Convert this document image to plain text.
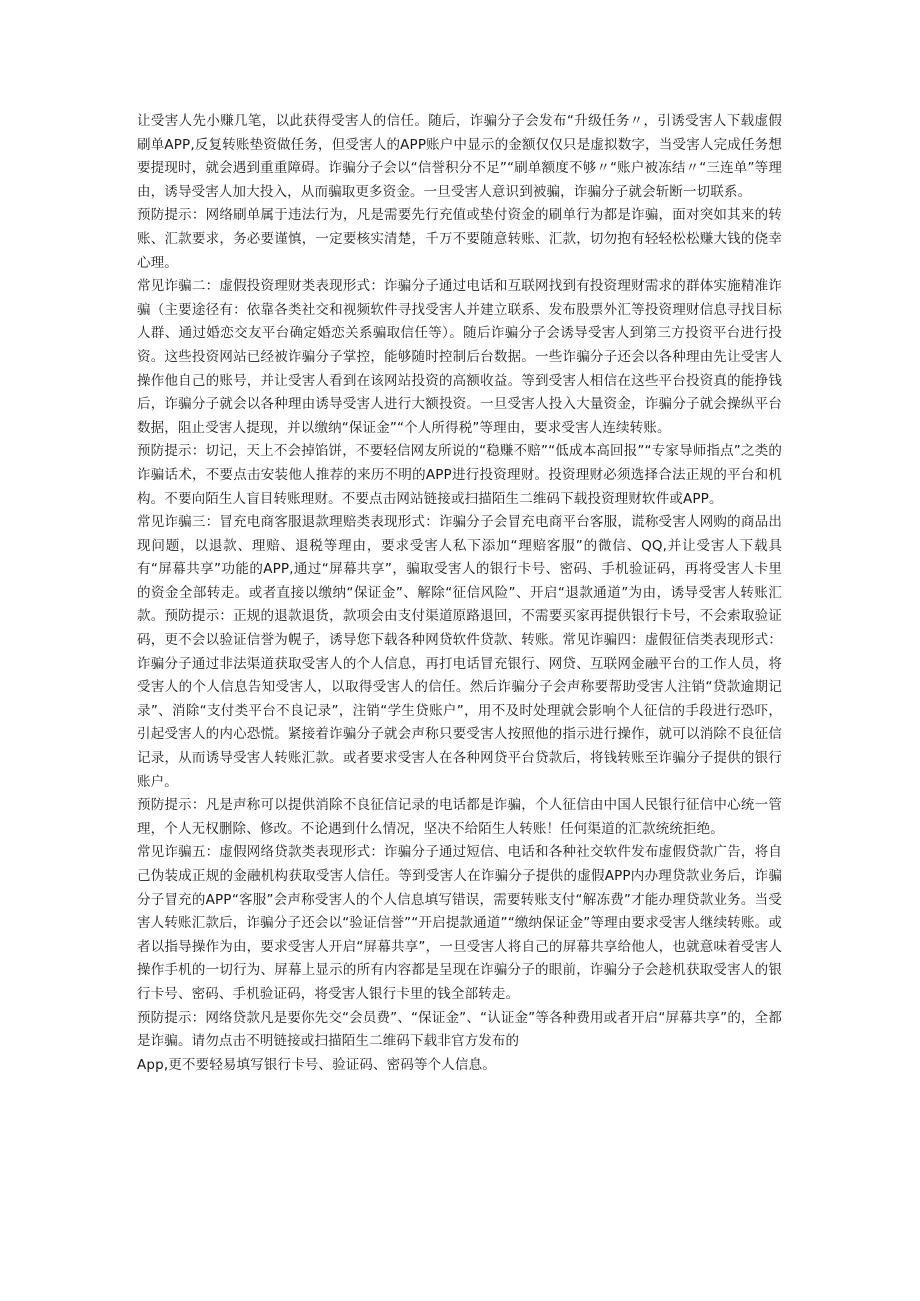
让受害人先小赚几笔，以此获得受害人的信任。随后，诈骗分子会发布“升级任务〃，引诱受害人下载虚假刷单APP,反复转账垫资做任务，但受害人的APP账户中显示的金额仅仅只是虚拟数字，当受害人完成任务想要提现时，就会遇到重重障碍。诈骗分子会以“信誉积分不足”“刷单额度不够〃“账户被冻结〃“三连单”等理由，诱导受害人加大投入，从而骗取更多资金。一旦受害人意识到被骗，诈骗分子就会斩断一切联系。

预防提示：网络刷单属于违法行为，凡是需要先行充值或垫付资金的刷单行为都是诈骗，面对突如其来的转账、汇款要求，务必要谨慎，一定要核实清楚，千万不要随意转账、汇款，切勿抱有轻轻松松赚大钱的侥幸心理。

常见诈骗二：虚假投资理财类表现形式：诈骗分子通过电话和互联网找到有投资理财需求的群体实施精准诈骗（主要途径有：依靠各类社交和视频软件寻找受害人并建立联系、发布股票外汇等投资理财信息寻找目标人群、通过婚恋交友平台确定婚恋关系骗取信任等）。随后诈骗分子会诱导受害人到第三方投资平台进行投资。这些投资网站已经被诈骗分子掌控，能够随时控制后台数据。一些诈骗分子还会以各种理由先让受害人操作他自己的账号，并让受害人看到在该网站投资的高额收益。等到受害人相信在这些平台投资真的能挣钱后，诈骗分子就会以各种理由诱导受害人进行大额投资。一旦受害人投入大量资金，诈骗分子就会操纵平台数据，阻止受害人提现，并以缴纳“保证金”“个人所得税”等理由，要求受害人连续转账。

预防提示：切记，天上不会掉馅饼，不要轻信网友所说的“稳赚不赔”“低成本高回报”“专家导师指点”之类的诈骗话术，不要点击安装他人推荐的来历不明的APP进行投资理财。投资理财必须选择合法正规的平台和机构。不要向陌生人盲目转账理财。不要点击网站链接或扫描陌生二维码下载投资理财软件或APP。

常见诈骗三：冒充电商客服退款理赔类表现形式：诈骗分子会冒充电商平台客服，谎称受害人网购的商品出现问题，以退款、理赔、退税等理由，要求受害人私下添加“理赔客服”的微信、QQ,并让受害人下载具有“屏幕共享”功能的APP,通过“屏幕共享”，骗取受害人的银行卡号、密码、手机验证码，再将受害人卡里的资金全部转走。或者直接以缴纳“保证金”、解除“征信风险”、开启“退款通道”为由，诱导受害人转账汇款。预防提示：正规的退款退货，款项会由支付渠道原路退回，不需要买家再提供银行卡号，不会索取验证码，更不会以验证信誉为幌子，诱导您下载各种网贷软件贷款、转账。常见诈骗四：虚假征信类表现形式：诈骗分子通过非法渠道获取受害人的个人信息，再打电话冒充银行、网贷、互联网金融平台的工作人员，将受害人的个人信息告知受害人，以取得受害人的信任。然后诈骗分子会声称要帮助受害人注销“贷款逾期记录”、消除“支付类平台不良记录”，注销“学生贷账户”，用不及时处理就会影响个人征信的手段进行恐吓，引起受害人的内心恐慌。紧接着诈骗分子就会声称只要受害人按照他的指示进行操作，就可以消除不良征信记录，从而诱导受害人转账汇款。或者要求受害人在各种网贷平台贷款后，将钱转账至诈骗分子提供的银行账户。

预防提示：凡是声称可以提供消除不良征信记录的电话都是诈骗，个人征信由中国人民银行征信中心统一管理，个人无权删除、修改。不论遇到什么情况，坚决不给陌生人转账！任何渠道的汇款统统拒绝。

常见诈骗五：虚假网络贷款类表现形式：诈骗分子通过短信、电话和各种社交软件发布虚假贷款广告，将自己伪装成正规的金融机构获取受害人信任。等到受害人在诈骗分子提供的虚假APP内办理贷款业务后，诈骗分子冒充的APP“客服”会声称受害人的个人信息填写错误，需要转账支付“解冻费”才能办理贷款业务。当受害人转账汇款后，诈骗分子还会以“验证信誉”“开启提款通道”“缴纳保证金”等理由要求受害人继续转账。或者以指导操作为由，要求受害人开启“屏幕共享”，一旦受害人将自己的屏幕共享给他人，也就意味着受害人操作手机的一切行为、屏幕上显示的所有内容都是呈现在诈骗分子的眼前，诈骗分子会趁机获取受害人的银行卡号、密码、手机验证码，将受害人银行卡里的钱全部转走。

预防提示：网络贷款凡是要你先交“会员费”、“保证金”、“认证金”等各种费用或者开启“屏幕共享”的，全都是诈骗。请勿点击不明链接或扫描陌生二维码下载非官方发布的

App,更不要轻易填写银行卡号、验证码、密码等个人信息。
